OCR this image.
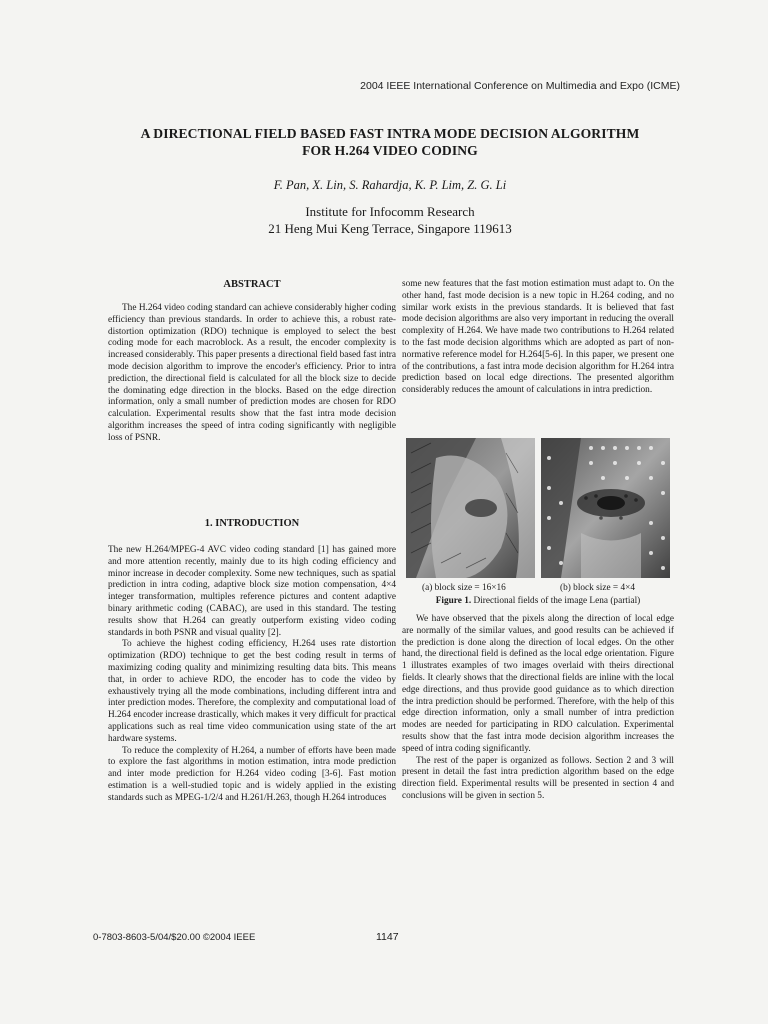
2004 IEEE International Conference on Multimedia and Expo (ICME)
A DIRECTIONAL FIELD BASED FAST INTRA MODE DECISION ALGORITHM
FOR H.264 VIDEO CODING
F. Pan, X. Lin, S. Rahardja, K. P. Lim, Z. G. Li
Institute for Infocomm Research
21 Heng Mui Keng Terrace, Singapore 119613
ABSTRACT

The H.264 video coding standard can achieve considerably higher coding efficiency than previous standards. In order to achieve this, a robust rate-distortion optimization (RDO) technique is employed to select the best coding mode for each macroblock. As a result, the encoder complexity is increased considerably. This paper presents a directional field based fast intra mode decision algorithm to improve the encoder's efficiency. Prior to intra prediction, the directional field is calculated for all the block size to decide the dominating edge direction in the blocks. Based on the edge direction information, only a small number of prediction modes are chosen for RDO calculation. Experimental results show that the fast intra mode decision algorithm increases the speed of intra coding significantly with negligible loss of PSNR.

1. INTRODUCTION

The new H.264/MPEG-4 AVC video coding standard [1] has gained more and more attention recently, mainly due to its high coding efficiency and minor increase in decoder complexity. Some new techniques, such as spatial prediction in intra coding, adaptive block size motion compensation, 4×4 integer transformation, multiples reference pictures and content adaptive binary arithmetic coding (CABAC), are used in this standard. The testing results show that H.264 can greatly outperform existing video coding standards in both PSNR and visual quality [2].

To achieve the highest coding efficiency, H.264 uses rate distortion optimization (RDO) technique to get the best coding result in terms of maximizing coding quality and minimizing resulting data bits. This means that, in order to achieve RDO, the encoder has to code the video by exhaustively trying all the mode combinations, including different intra and inter prediction modes. Therefore, the complexity and computational load of H.264 encoder increase drastically, which makes it very difficult for practical applications such as real time video communication using state of the art hardware systems.

To reduce the complexity of H.264, a number of efforts have been made to explore the fast algorithms in motion estimation, intra mode prediction and inter mode prediction for H.264 video coding [3-6]. Fast motion estimation is a well-studied topic and is widely applied in the existing standards such as MPEG-1/2/4 and H.261/H.263, though H.264 introduces

some new features that the fast motion estimation must adapt to. On the other hand, fast mode decision is a new topic in H.264 coding, and no similar work exists in the previous standards. It is believed that fast mode decision algorithms are also very important in reducing the overall complexity of H.264. We have made two contributions to H.264 related to the fast mode decision algorithms which are adopted as part of non-normative reference model for H.264[5-6]. In this paper, we present one of the contributions, a fast intra mode decision algorithm for H.264 intra prediction based on local edge directions. The presented algorithm considerably reduces the amount of calculations in intra prediction.

(a) block size = 16×16	(b) block size = 4×4
Figure 1. Directional fields of the image Lena (partial)

We have observed that the pixels along the direction of local edge are normally of the similar values, and good results can be achieved if the prediction is done along the direction of local edges. On the other hand, the directional field is defined as the local edge orientation. Figure 1 illustrates examples of two images overlaid with theirs directional fields. It clearly shows that the directional fields are inline with the local edge directions, and thus provide good guidance as to which direction the intra prediction should be performed. Therefore, with the help of this edge direction information, only a small number of intra prediction modes are needed for participating in RDO calculation. Experimental results show that the fast intra mode decision algorithm increases the speed of intra coding significantly.

The rest of the paper is organized as follows. Section 2 and 3 will present in detail the fast intra prediction algorithm based on the edge direction field. Experimental results will be presented in section 4 and conclusions will be given in section 5.

0-7803-8603-5/04/$20.00 ©2004 IEEE	1147
